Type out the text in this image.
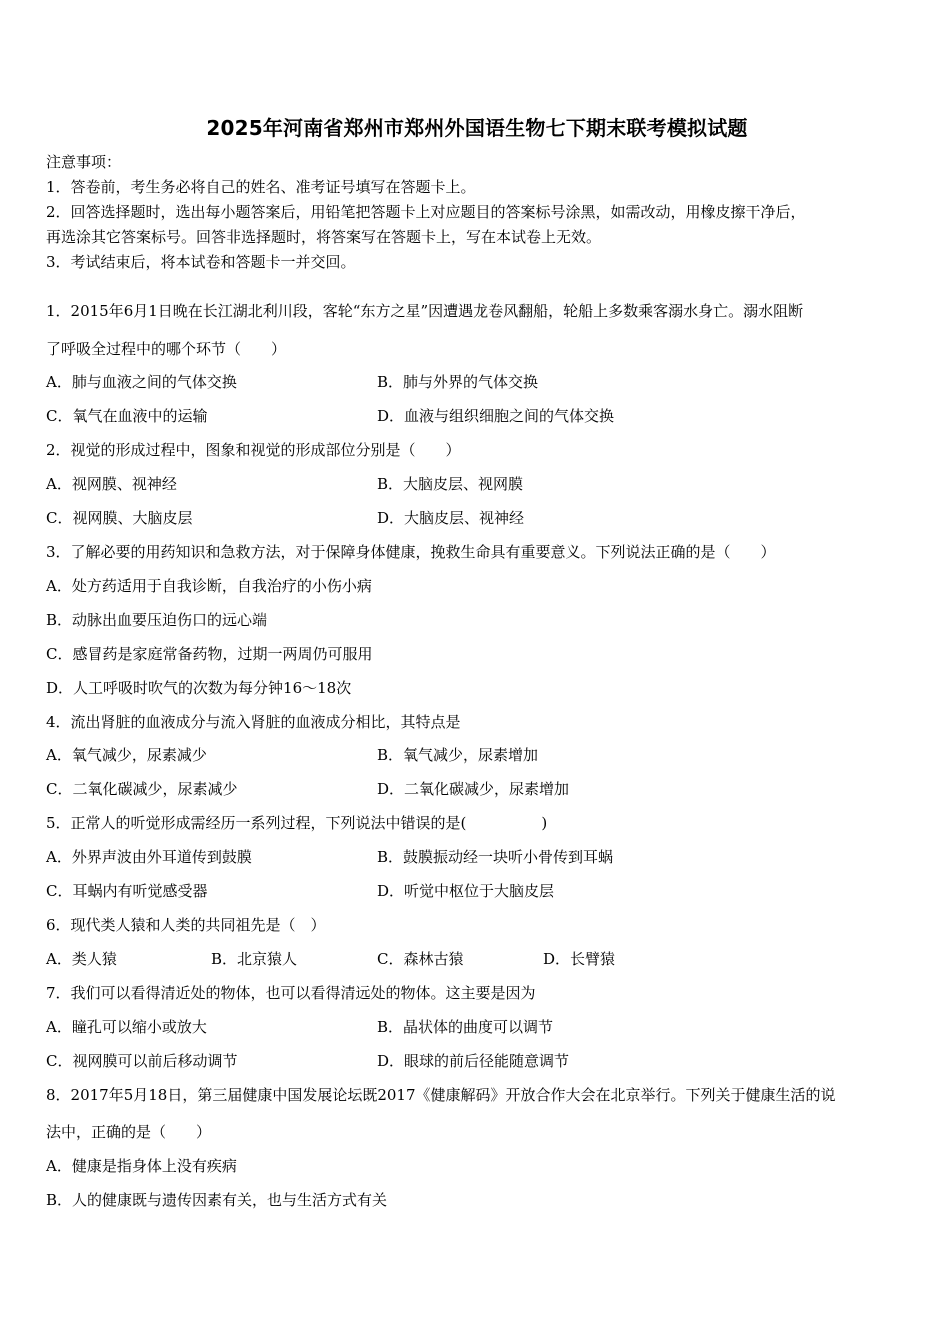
2025年河南省郑州市郑州外国语生物七下期末联考模拟试题
注意事项：
1．答卷前，考生务必将自己的姓名、准考证号填写在答题卡上。
2．回答选择题时，选出每小题答案后，用铅笔把答题卡上对应题目的答案标号涂黑，如需改动，用橡皮擦干净后，
再选涂其它答案标号。回答非选择题时，将答案写在答题卡上，写在本试卷上无效。
3．考试结束后，将本试卷和答题卡一并交回。
1．2015年6月1日晚在长江湖北利川段，客轮“东方之星”因遭遇龙卷风翻船，轮船上多数乘客溺水身亡。溺水阻断
了呼吸全过程中的哪个环节（　　）
A．肺与血液之间的气体交换	B．肺与外界的气体交换
C．氧气在血液中的运输	D．血液与组织细胞之间的气体交换
2．视觉的形成过程中，图象和视觉的形成部位分别是（　　）
A．视网膜、视神经	B．大脑皮层、视网膜
C．视网膜、大脑皮层	D．大脑皮层、视神经
3．了解必要的用药知识和急救方法，对于保障身体健康，挽救生命具有重要意义。下列说法正确的是（　　）
A．处方药适用于自我诊断，自我治疗的小伤小病
B．动脉出血要压迫伤口的远心端
C．感冒药是家庭常备药物，过期一两周仍可服用
D．人工呼吸时吹气的次数为每分钟16～18次
4．流出肾脏的血液成分与流入肾脏的血液成分相比，其特点是
A．氧气减少，尿素减少	B．氧气减少，尿素增加
C．二氧化碳减少，尿素减少	D．二氧化碳减少，尿素增加
5．正常人的听觉形成需经历一系列过程，下列说法中错误的是(　　　　　)
A．外界声波由外耳道传到鼓膜	B．鼓膜振动经一块听小骨传到耳蜗
C．耳蜗内有听觉感受器	D．听觉中枢位于大脑皮层
6．现代类人猿和人类的共同祖先是（　）
A．类人猿	B．北京猿人	C．森林古猿	D．长臂猿
7．我们可以看得清近处的物体，也可以看得清远处的物体。这主要是因为
A．瞳孔可以缩小或放大	B．晶状体的曲度可以调节
C．视网膜可以前后移动调节	D．眼球的前后径能随意调节
8．2017年5月18日，第三届健康中国发展论坛既2017《健康解码》开放合作大会在北京举行。下列关于健康生活的说
法中，正确的是（　　）
A．健康是指身体上没有疾病
B．人的健康既与遗传因素有关，也与生活方式有关
